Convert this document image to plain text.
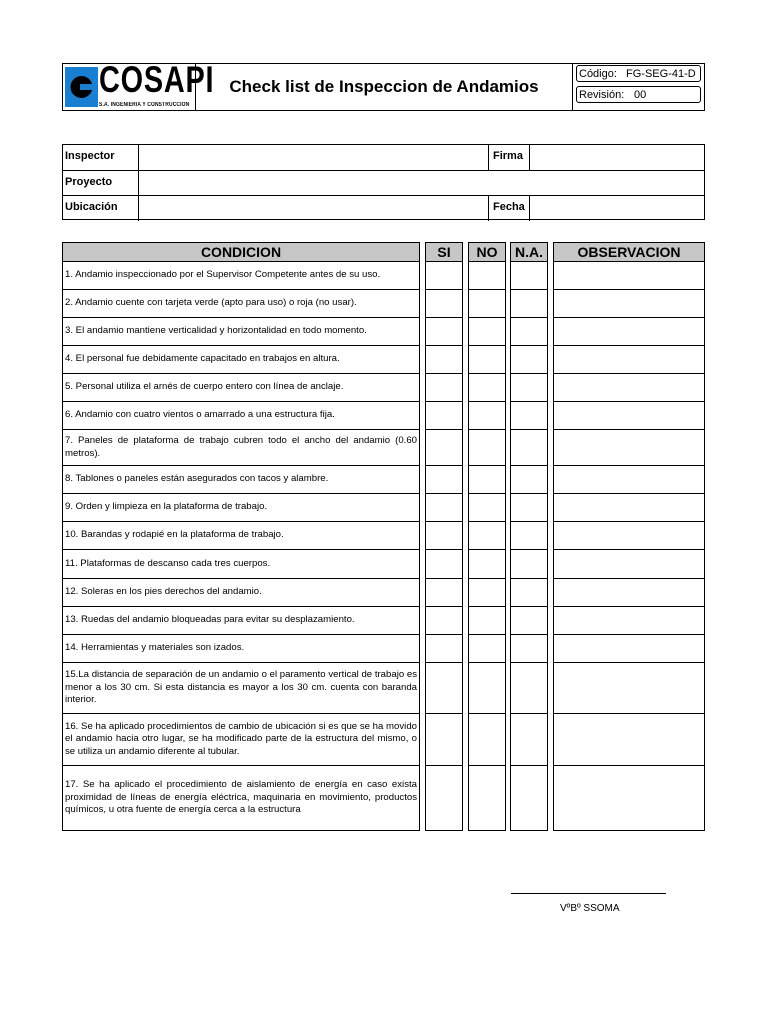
COSAPI
S.A. INGENIERIA Y CONSTRUCCION
Check list de Inspeccion de Andamios
Código: FG-SEG-41-D
Revisión: 00
Inspector	Firma
Proyecto
Ubicación	Fecha
CONDICION	SI	NO	N.A.	OBSERVACION
1. Andamio inspeccionado por el Supervisor Competente antes de su uso.
2. Andamio cuente con tarjeta verde (apto para uso) o roja (no usar).
3. El andamio mantiene verticalidad y horizontalidad en todo momento.
4. El personal fue debidamente capacitado en trabajos en altura.
5. Personal utiliza el arnés de cuerpo entero con línea de anclaje.
6. Andamio con cuatro vientos o amarrado a una estructura fija.
7. Paneles de plataforma de trabajo cubren todo el ancho del andamio (0.60 metros).
8. Tablones o paneles están asegurados con tacos y alambre.
9. Orden y limpieza en la plataforma de trabajo.
10. Barandas y rodapié en la plataforma de trabajo.
11. Plataformas de descanso cada tres cuerpos.
12. Soleras en los pies derechos del andamio.
13. Ruedas del andamio bloqueadas para evitar su desplazamiento.
14. Herramientas y materiales son izados.
15.La distancia de separación de un andamio o el paramento vertical de trabajo es menor a los 30 cm. Si esta distancia es mayor a los 30 cm. cuenta con baranda interior.
16. Se ha aplicado procedimientos de cambio de ubicación si es que se ha movido el andamio hacia otro lugar, se ha modificado parte de la estructura del mismo, o se utiliza un andamio diferente al tubular.
17. Se ha aplicado el procedimiento de aislamiento de energía en caso exista proximidad de líneas de energía eléctrica, maquinaria en movimiento, productos químicos, u otra fuente de energía cerca a la estructura
VºBº SSOMA
